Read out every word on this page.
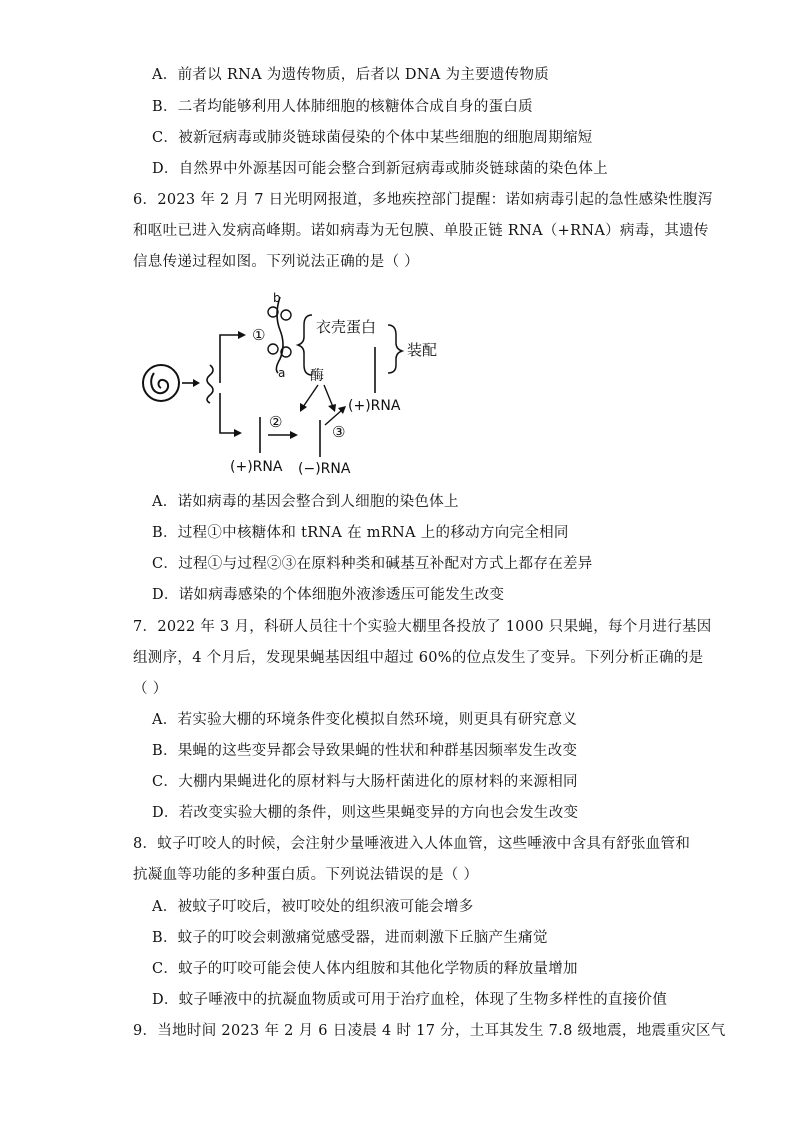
A．前者以 RNA 为遗传物质，后者以 DNA 为主要遗传物质
B．二者均能够利用人体肺细胞的核糖体合成自身的蛋白质
C．被新冠病毒或肺炎链球菌侵染的个体中某些细胞的细胞周期缩短
D．自然界中外源基因可能会整合到新冠病毒或肺炎链球菌的染色体上
6．2023 年 2 月 7 日光明网报道，多地疾控部门提醒：诺如病毒引起的急性感染性腹泻
和呕吐已进入发病高峰期。诺如病毒为无包膜、单股正链 RNA（+RNA）病毒，其遗传
信息传递过程如图。下列说法正确的是（ ）
b
a
①	衣壳蛋白
酶
装配
(+)RNA
②
(−)RNA
③
(+)RNA
A．诺如病毒的基因会整合到人细胞的染色体上
B．过程①中核糖体和 tRNA 在 mRNA 上的移动方向完全相同
C．过程①与过程②③在原料种类和碱基互补配对方式上都存在差异
D．诺如病毒感染的个体细胞外液渗透压可能发生改变
7．2022 年 3 月，科研人员往十个实验大棚里各投放了 1000 只果蝇，每个月进行基因
组测序，4 个月后，发现果蝇基因组中超过 60%的位点发生了变异。下列分析正确的是
（ ）
A．若实验大棚的环境条件变化模拟自然环境，则更具有研究意义
B．果蝇的这些变异都会导致果蝇的性状和种群基因频率发生改变
C．大棚内果蝇进化的原材料与大肠杆菌进化的原材料的来源相同
D．若改变实验大棚的条件，则这些果蝇变异的方向也会发生改变
8．蚊子叮咬人的时候，会注射少量唾液进入人体血管，这些唾液中含具有舒张血管和
抗凝血等功能的多种蛋白质。下列说法错误的是（ ）
A．被蚊子叮咬后，被叮咬处的组织液可能会增多
B．蚊子的叮咬会刺激痛觉感受器，进而刺激下丘脑产生痛觉
C．蚊子的叮咬可能会使人体内组胺和其他化学物质的释放量增加
D．蚊子唾液中的抗凝血物质或可用于治疗血栓，体现了生物多样性的直接价值
9．当地时间 2023 年 2 月 6 日凌晨 4 时 17 分，土耳其发生 7.8 级地震，地震重灾区气
